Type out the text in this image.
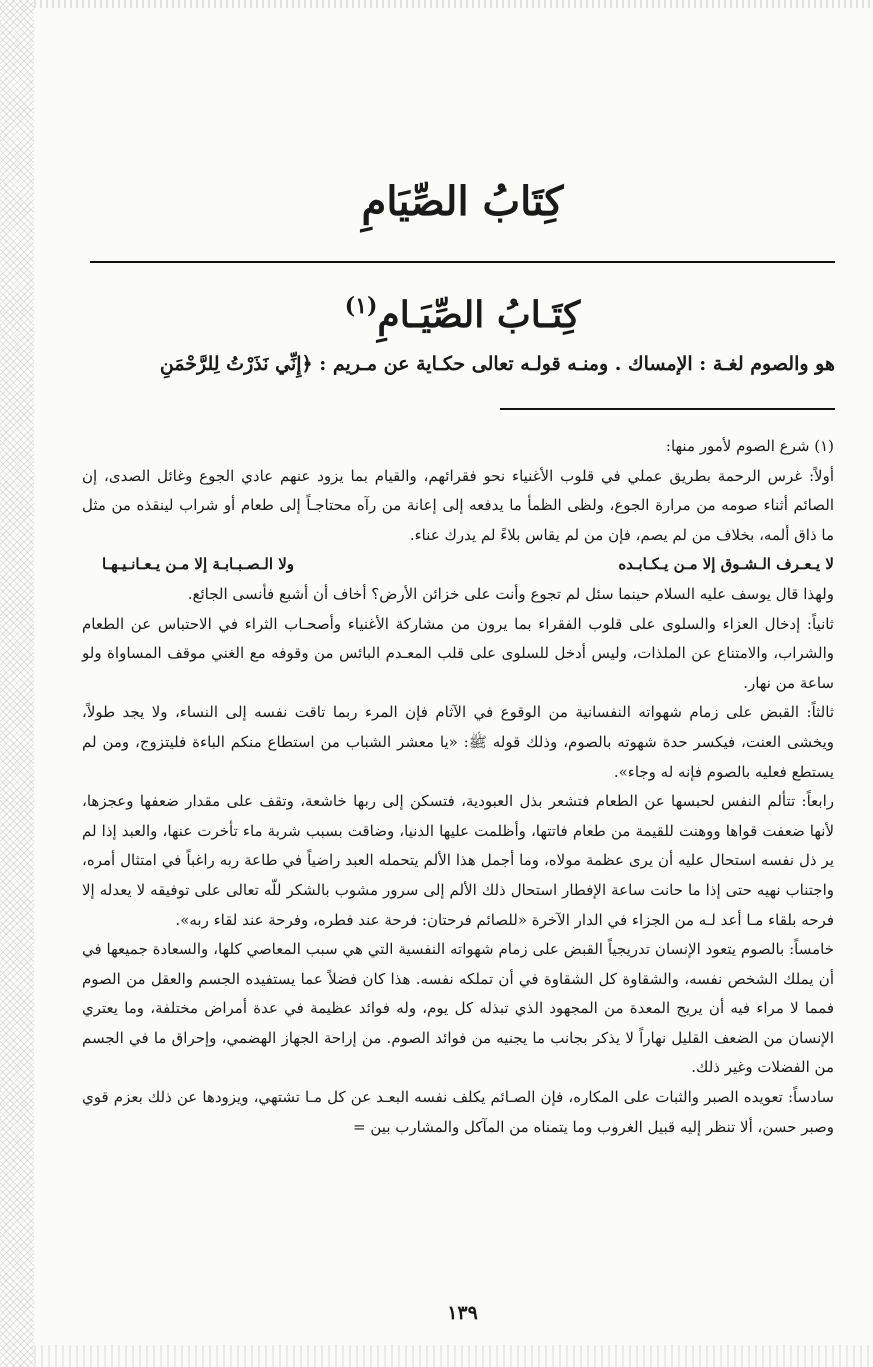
كِتَابُ الصِّيَامِ
كِتَـابُ الصِّيَـامِ$^{(١)}$
هو والصوم لغـة : الإمساك . ومنـه قولـه تعالى حكـاية عن مـريم : ﴿إِنِّي نَذَرْتُ لِلرَّحْمَنِ

(١) شرع الصوم لأمور منها:

أولاً: غرس الرحمة بطريق عملي في قلوب الأغنياء نحو فقرائهم، والقيام بما يزود عنهم عادي الجوع وغائل الصدى، إن الصائم أثناء صومه من مرارة الجوع، ولظى الظمأ ما يدفعه إلى إعانة من رآه محتاجـاً إلى طعام أو شراب لينقذه من مثل ما ذاق ألمه، بخلاف من لم يصم، فإن من لم يقاس بلاءً لم يدرك عناء.

لا يـعـرف الـشـوق إلا مـن يـكـابـده
ولا الـصـبـابـة إلا مـن يـعـانـيـهـا

ولهذا قال يوسف عليه السلام حينما سئل لم تجوع وأنت على خزائن الأرض؟ أخاف أن أشبع فأنسى الجائع.

ثانياً: إدخال العزاء والسلوى على قلوب الفقراء بما يرون من مشاركة الأغنياء وأصحـاب الثراء في الاحتباس عن الطعام والشراب، والامتناع عن الملذات، وليس أدخل للسلوى على قلب المعـدم البائس من وقوفه مع الغني موقف المساواة ولو ساعة من نهار.

ثالثاً: القبض على زمام شهواته النفسانية من الوقوع في الآثام فإن المرء ربما تاقت نفسه إلى النساء، ولا يجد طولاً، ويخشى العنت، فيكسر حدة شهوته بالصوم، وذلك قوله ﷺ: «يا معشر الشباب من استطاع منكم الباءة فليتزوج، ومن لم يستطع فعليه بالصوم فإنه له وجاء».

رابعاً: تتألم النفس لحبسها عن الطعام فتشعر بذل العبودية، فتسكن إلى ربها خاشعة، وتقف على مقدار ضعفها وعجزها، لأنها ضعفت قواها ووهنت للقيمة من طعام فاتتها، وأظلمت عليها الدنيا، وضاقت بسبب شربة ماء تأخرت عنها، والعبد إذا لم ير ذل نفسه استحال عليه أن يرى عظمة مولاه، وما أجمل هذا الألم يتحمله العبد راضياً في طاعة ربه راغباً في امتثال أمره، واجتناب نهيه حتى إذا ما حانت ساعة الإفطار استحال ذلك الألم إلى سرور مشوب بالشكر للّه تعالى على توفيقه لا يعدله إلا فرحه بلقاء مـا أعد لـه من الجزاء في الدار الآخرة «للصائم فرحتان: فرحة عند فطره، وفرحة عند لقاء ربه».

خامساً: بالصوم يتعود الإنسان تدريجياً القبض على زمام شهواته النفسية التي هي سبب المعاصي كلها، والسعادة جميعها في أن يملك الشخص نفسه، والشقاوة كل الشقاوة في أن تملكه نفسه. هذا كان فضلاً عما يستفيده الجسم والعقل من الصوم فمما لا مراء فيه أن يريح المعدة من المجهود الذي تبذله كل يوم، وله فوائد عظيمة في عدة أمراض مختلفة، وما يعتري الإنسان من الضعف القليل نهاراً لا يذكر بجانب ما يجنيه من فوائد الصوم. من إراحة الجهاز الهضمي، وإحراق ما في الجسم من الفضلات وغير ذلك.

سادساً: تعويده الصبر والثبات على المكاره، فإن الصـائم يكلف نفسه البعـد عن كل مـا تشتهي، ويزودها عن ذلك بعزم قوي وصبر حسن، ألا تنظر إليه قبيل الغروب وما يتمناه من المآكل والمشارب بين =

١٣٩
